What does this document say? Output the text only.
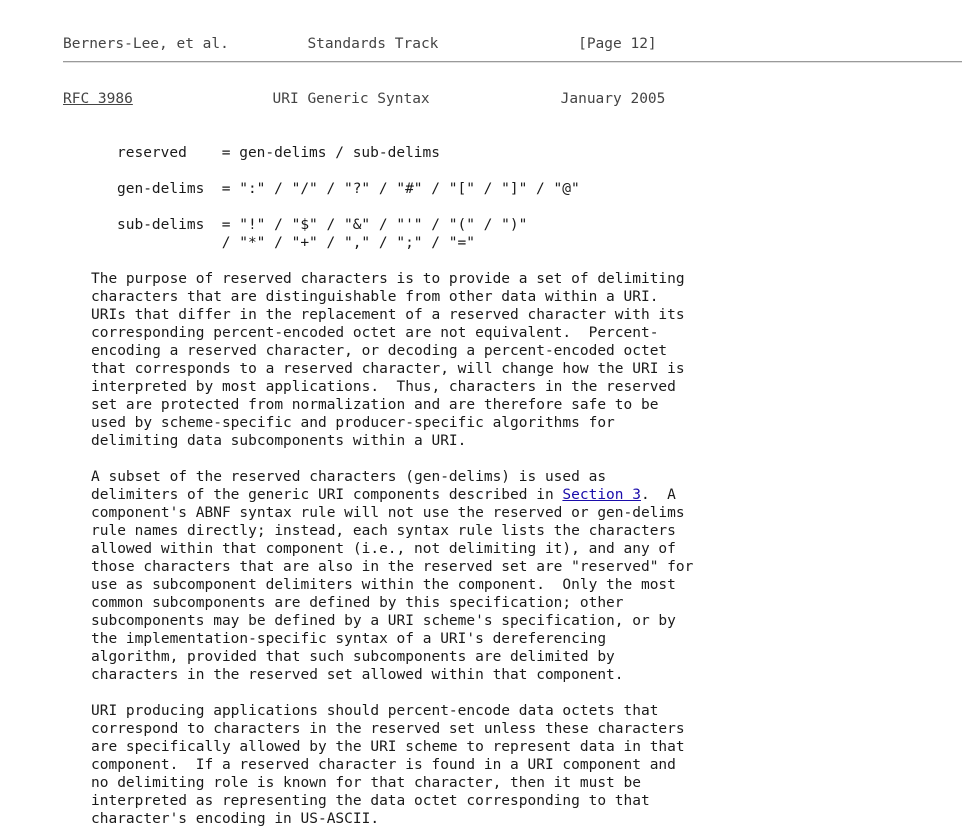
Berners-Lee, et al.	Standards Track	[Page 12]
RFC 3986	URI Generic Syntax	January 2005
reserved    = gen-delims / sub-delims
gen-delims  = ":" / "/" / "?" / "#" / "[" / "]" / "@"
sub-delims  = "!" / "$" / "&" / "'" / "(" / ")"
/ "*" / "+" / "," / ";" / "="
The purpose of reserved characters is to provide a set of delimiting
characters that are distinguishable from other data within a URI.
URIs that differ in the replacement of a reserved character with its
corresponding percent-encoded octet are not equivalent.  Percent-
encoding a reserved character, or decoding a percent-encoded octet
that corresponds to a reserved character, will change how the URI is
interpreted by most applications.  Thus, characters in the reserved
set are protected from normalization and are therefore safe to be
used by scheme-specific and producer-specific algorithms for
delimiting data subcomponents within a URI.
A subset of the reserved characters (gen-delims) is used as
delimiters of the generic URI components described in Section 3.  A
component's ABNF syntax rule will not use the reserved or gen-delims
rule names directly; instead, each syntax rule lists the characters
allowed within that component (i.e., not delimiting it), and any of
those characters that are also in the reserved set are "reserved" for
use as subcomponent delimiters within the component.  Only the most
common subcomponents are defined by this specification; other
subcomponents may be defined by a URI scheme's specification, or by
the implementation-specific syntax of a URI's dereferencing
algorithm, provided that such subcomponents are delimited by
characters in the reserved set allowed within that component.
URI producing applications should percent-encode data octets that
correspond to characters in the reserved set unless these characters
are specifically allowed by the URI scheme to represent data in that
component.  If a reserved character is found in a URI component and
no delimiting role is known for that character, then it must be
interpreted as representing the data octet corresponding to that
character's encoding in US-ASCII.
